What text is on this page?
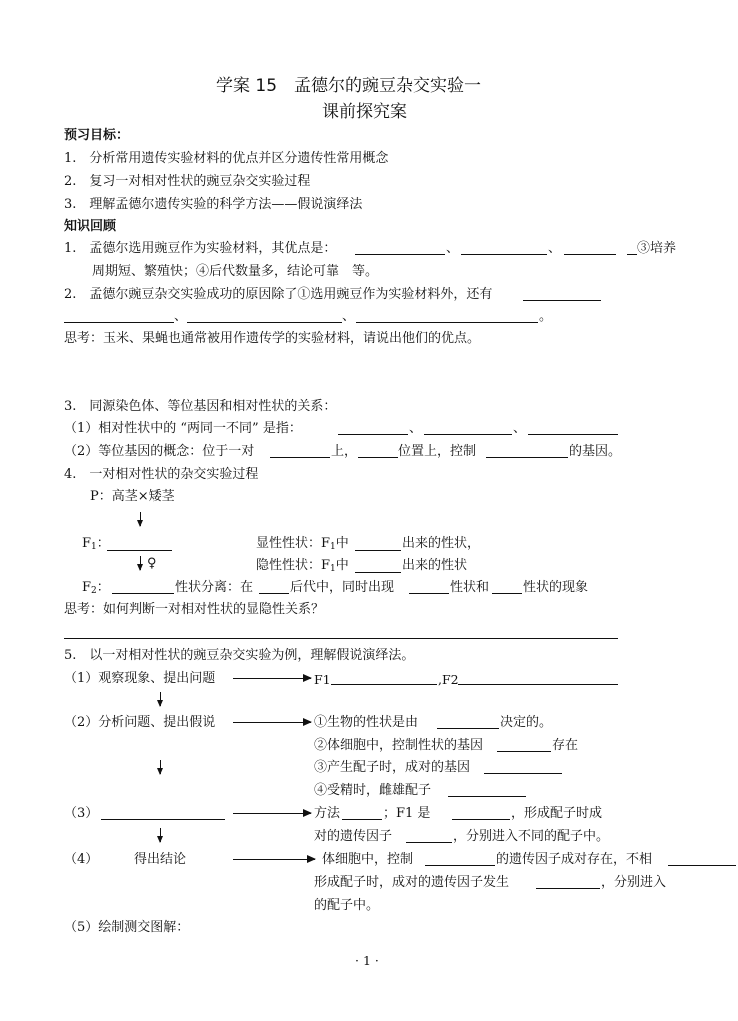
学案 15　孟德尔的豌豆杂交实验一
课前探究案
预习目标：
1.　分析常用遗传实验材料的优点并区分遗传性常用概念
2.　复习一对相对性状的豌豆杂交实验过程
3.　理解孟德尔遗传实验的科学方法——假说演绎法
知识回顾
1.　孟德尔选用豌豆作为实验材料，其优点是：	、	、	③培养
周期短、繁殖快；④后代数量多，结论可靠　等。
2.　孟德尔豌豆杂交实验成功的原因除了①选用豌豆作为实验材料外，还有
、	、	。
思考：玉米、果蝇也通常被用作遗传学的实验材料，请说出他们的优点。
3.　同源染色体、等位基因和相对性状的关系：
（1）相对性状中的 “两同一不同” 是指：	、	、
（2）等位基因的概念：位于一对	上，	位置上，控制	的基因。
4.　一对相对性状的杂交实验过程
P：高茎×矮茎
$F_1$：	显性性状：$F_1$中	出来的性状，
♀	隐性性状：$F_1$中	出来的性状
$F_2$：	性状分离：在	后代中，同时出现	性状和	性状的现象
思考：如何判断一对相对性状的显隐性关系？
5.　以一对相对性状的豌豆杂交实验为例，理解假说演绎法。
（1）观察现象、提出问题	F1	,F2
（2）分析问题、提出假说	①生物的性状是由	决定的。
②体细胞中，控制性状的基因	存在
③产生配子时，成对的基因
④受精时，雌雄配子
（3）	方法	；F1 是	，形成配子时成
对的遗传因子	，分别进入不同的配子中。
（4）	得出结论	体细胞中，控制	的遗传因子成对存在，不相
形成配子时，成对的遗传因子发生	，分别进入
的配子中。
（5）绘制测交图解：
· 1 ·
